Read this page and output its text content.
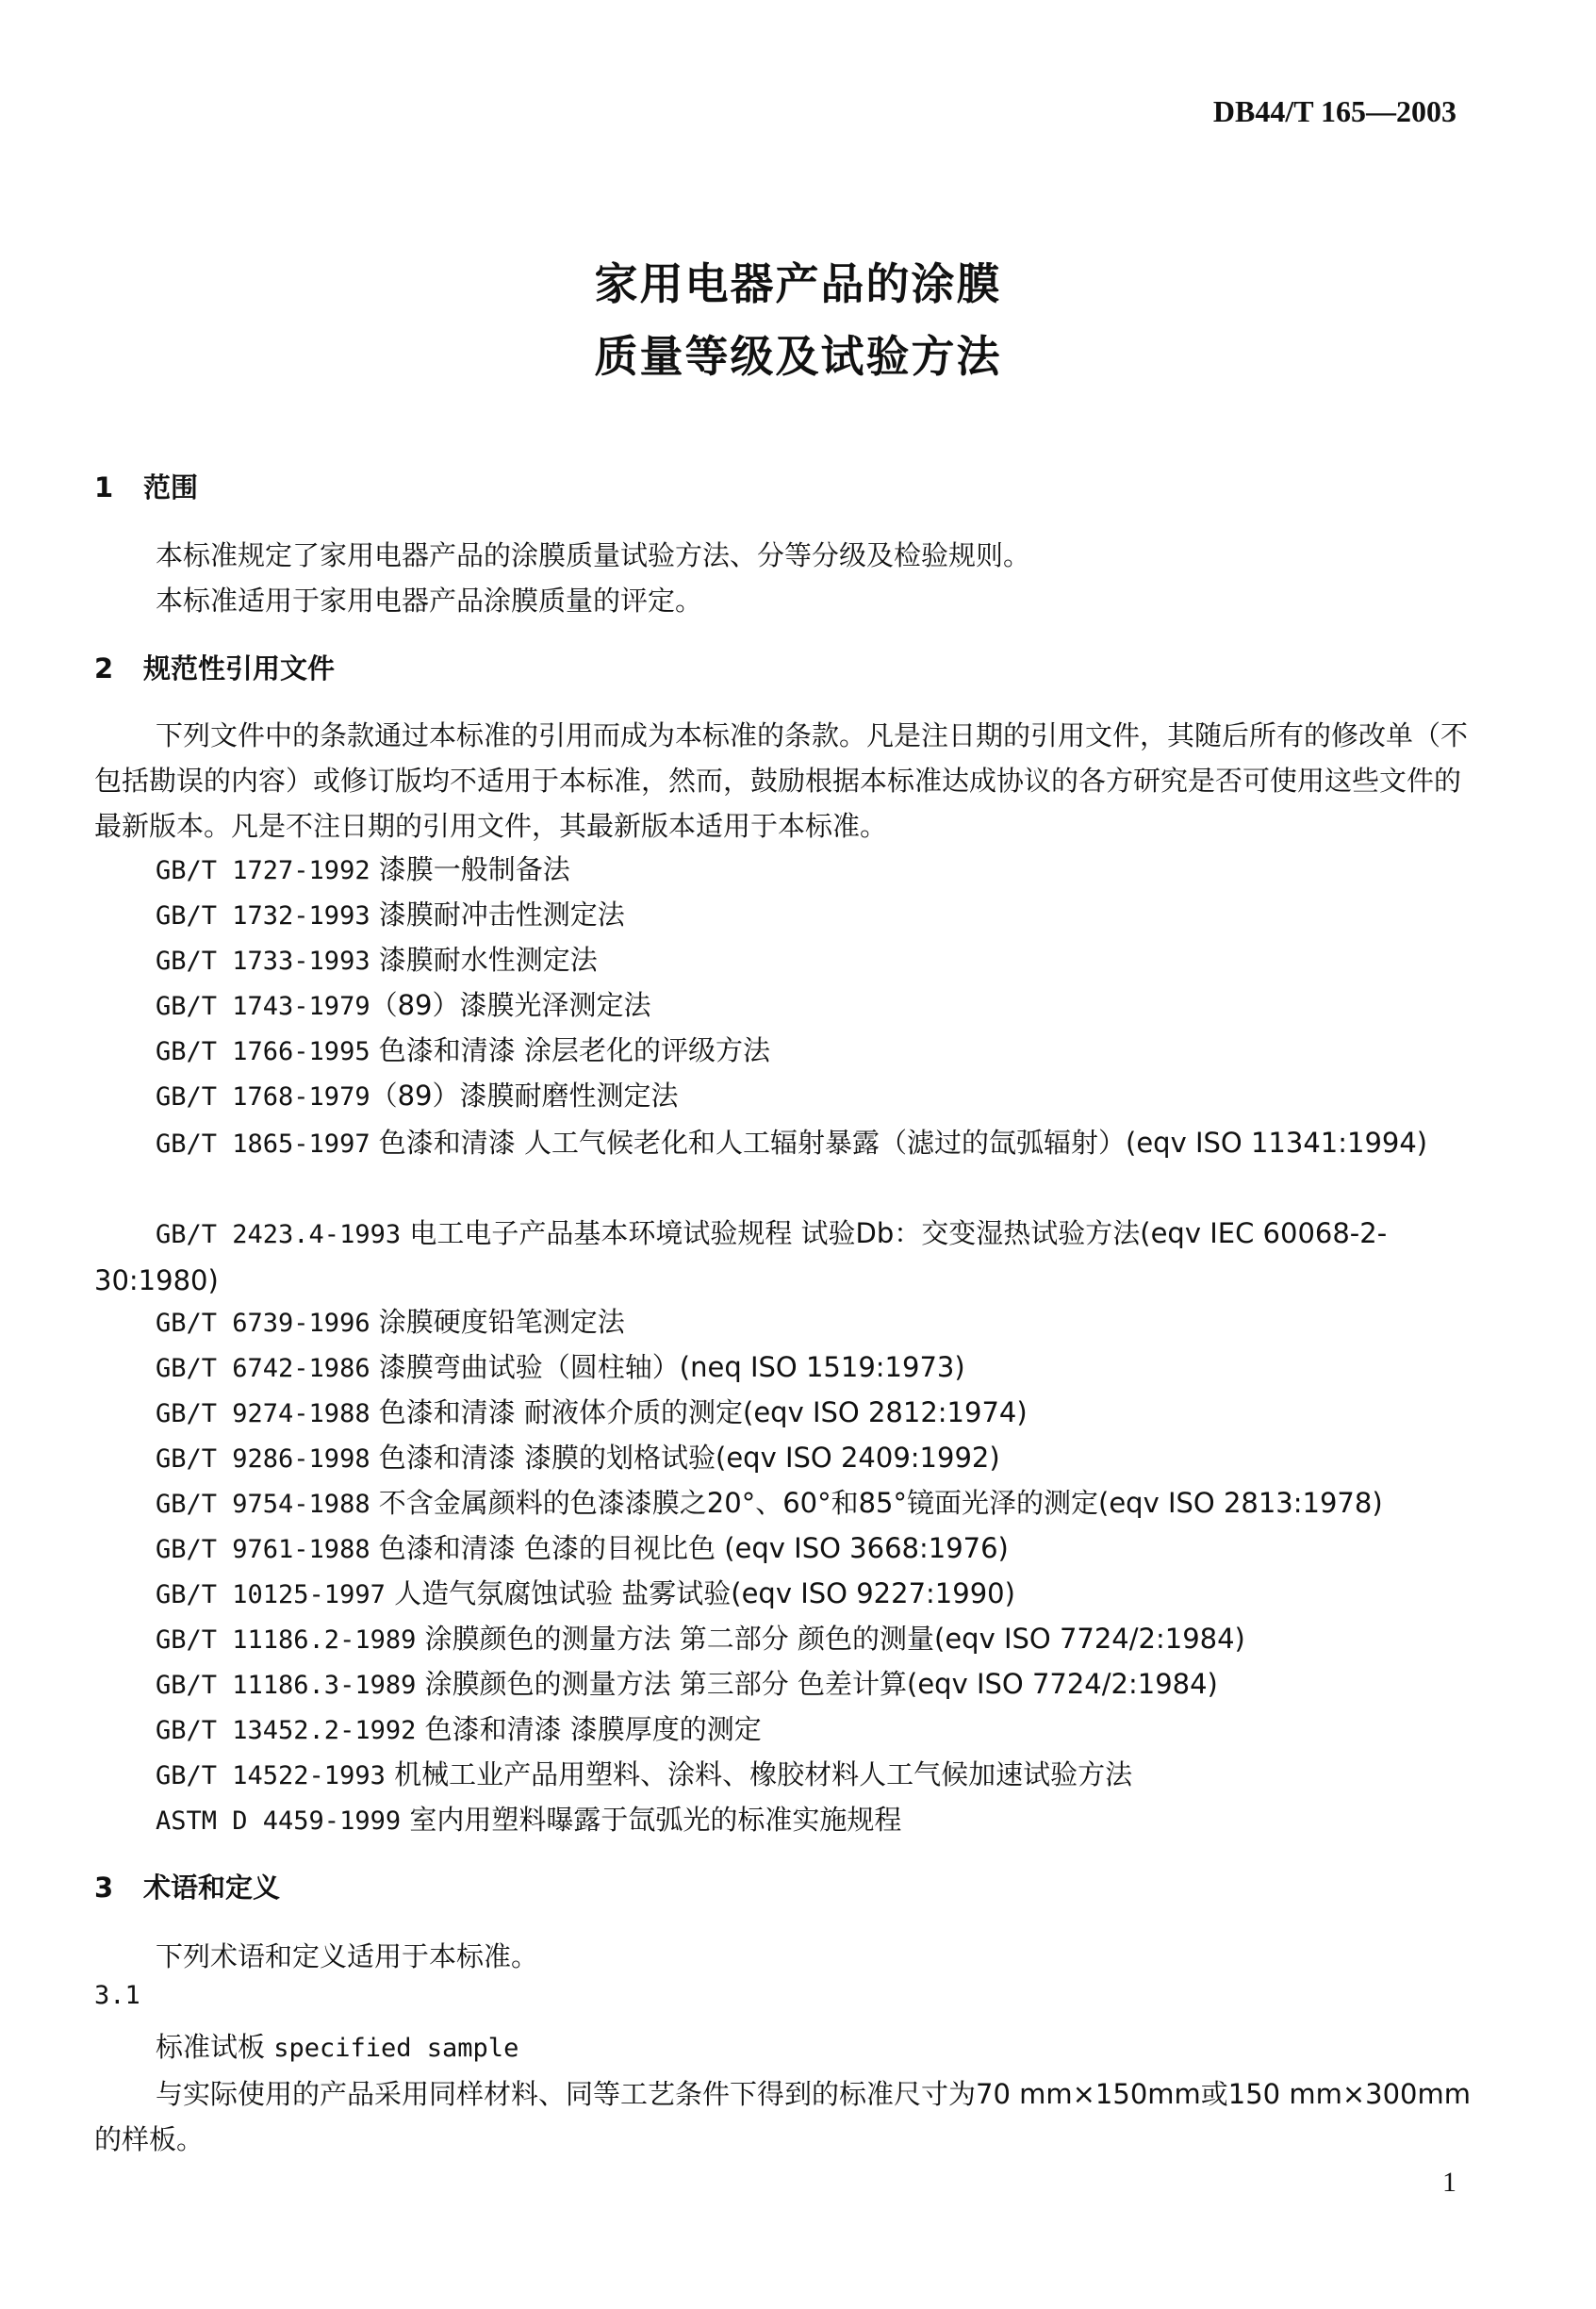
DB44/T 165—2003
家用电器产品的涂膜
质量等级及试验方法
1 范围
本标准规定了家用电器产品的涂膜质量试验方法、分等分级及检验规则。
本标准适用于家用电器产品涂膜质量的评定。
2 规范性引用文件
下列文件中的条款通过本标准的引用而成为本标准的条款。凡是注日期的引用文件，其随后所有的修改单（不包括勘误的内容）或修订版均不适用于本标准，然而，鼓励根据本标准达成协议的各方研究是否可使用这些文件的最新版本。凡是不注日期的引用文件，其最新版本适用于本标准。
GB/T 1727-1992 漆膜一般制备法
GB/T 1732-1993 漆膜耐冲击性测定法
GB/T 1733-1993 漆膜耐水性测定法
GB/T 1743-1979（89）漆膜光泽测定法
GB/T 1766-1995 色漆和清漆 涂层老化的评级方法
GB/T 1768-1979（89）漆膜耐磨性测定法
GB/T 1865-1997 色漆和清漆 人工气候老化和人工辐射暴露（滤过的氙弧辐射）(eqv ISO 11341:1994)
GB/T 2423.4-1993 电工电子产品基本环境试验规程 试验Db：交变湿热试验方法(eqv IEC 60068-2-30:1980)
GB/T 6739-1996 涂膜硬度铅笔测定法
GB/T 6742-1986 漆膜弯曲试验（圆柱轴）(neq ISO 1519:1973)
GB/T 9274-1988 色漆和清漆 耐液体介质的测定(eqv ISO 2812:1974)
GB/T 9286-1998 色漆和清漆 漆膜的划格试验(eqv ISO 2409:1992)
GB/T 9754-1988 不含金属颜料的色漆漆膜之20°、60°和85°镜面光泽的测定(eqv ISO 2813:1978)
GB/T 9761-1988 色漆和清漆 色漆的目视比色 (eqv ISO 3668:1976)
GB/T 10125-1997 人造气氛腐蚀试验 盐雾试验(eqv ISO 9227:1990)
GB/T 11186.2-1989 涂膜颜色的测量方法 第二部分 颜色的测量(eqv ISO 7724/2:1984)
GB/T 11186.3-1989 涂膜颜色的测量方法 第三部分 色差计算(eqv ISO 7724/2:1984)
GB/T 13452.2-1992 色漆和清漆 漆膜厚度的测定
GB/T 14522-1993 机械工业产品用塑料、涂料、橡胶材料人工气候加速试验方法
ASTM D 4459-1999 室内用塑料曝露于氙弧光的标准实施规程
3 术语和定义
下列术语和定义适用于本标准。
3.1
标准试板 specified sample
与实际使用的产品采用同样材料、同等工艺条件下得到的标准尺寸为70 mm×150mm或150 mm×300mm的样板。
1
